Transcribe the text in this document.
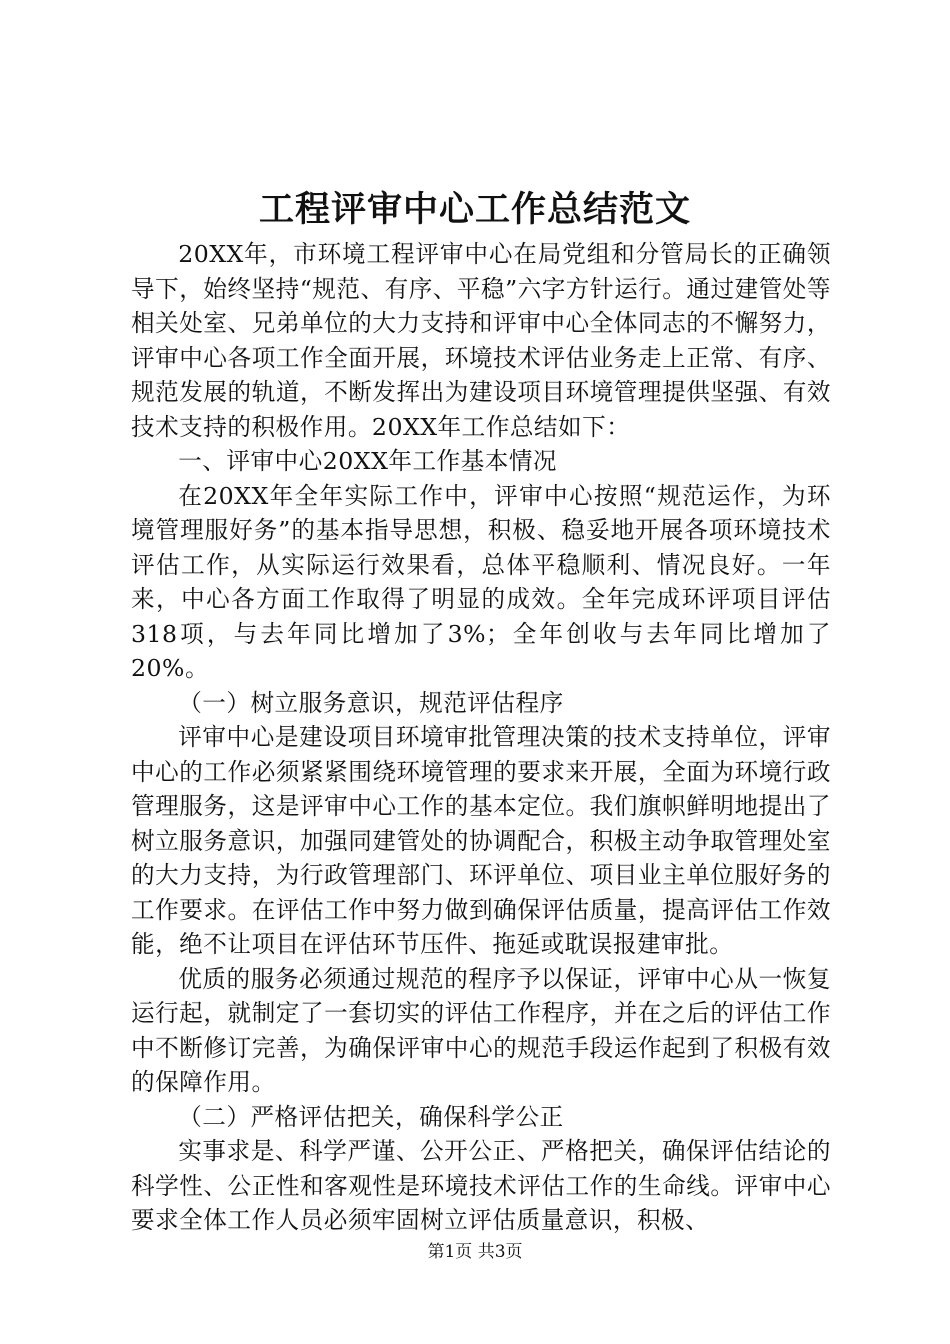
工程评审中心工作总结范文

20XX年，市环境工程评审中心在局党组和分管局长的正确领导下，始终坚持“规范、有序、平稳”六字方针运行。通过建管处等相关处室、兄弟单位的大力支持和评审中心全体同志的不懈努力，评审中心各项工作全面开展，环境技术评估业务走上正常、有序、规范发展的轨道，不断发挥出为建设项目环境管理提供坚强、有效技术支持的积极作用。20XX年工作总结如下：

一、评审中心20XX年工作基本情况

在20XX年全年实际工作中，评审中心按照“规范运作，为环境管理服好务”的基本指导思想，积极、稳妥地开展各项环境技术评估工作，从实际运行效果看，总体平稳顺利、情况良好。一年来，中心各方面工作取得了明显的成效。全年完成环评项目评估318项，与去年同比增加了3%；全年创收与去年同比增加了20%。

（一）树立服务意识，规范评估程序

评审中心是建设项目环境审批管理决策的技术支持单位，评审中心的工作必须紧紧围绕环境管理的要求来开展，全面为环境行政管理服务，这是评审中心工作的基本定位。我们旗帜鲜明地提出了树立服务意识，加强同建管处的协调配合，积极主动争取管理处室的大力支持，为行政管理部门、环评单位、项目业主单位服好务的工作要求。在评估工作中努力做到确保评估质量，提高评估工作效能，绝不让项目在评估环节压件、拖延或耽误报建审批。

优质的服务必须通过规范的程序予以保证，评审中心从一恢复运行起，就制定了一套切实的评估工作程序，并在之后的评估工作中不断修订完善，为确保评审中心的规范手段运作起到了积极有效的保障作用。

（二）严格评估把关，确保科学公正

实事求是、科学严谨、公开公正、严格把关，确保评估结论的科学性、公正性和客观性是环境技术评估工作的生命线。评审中心要求全体工作人员必须牢固树立评估质量意识，积极、

第1页 共3页
